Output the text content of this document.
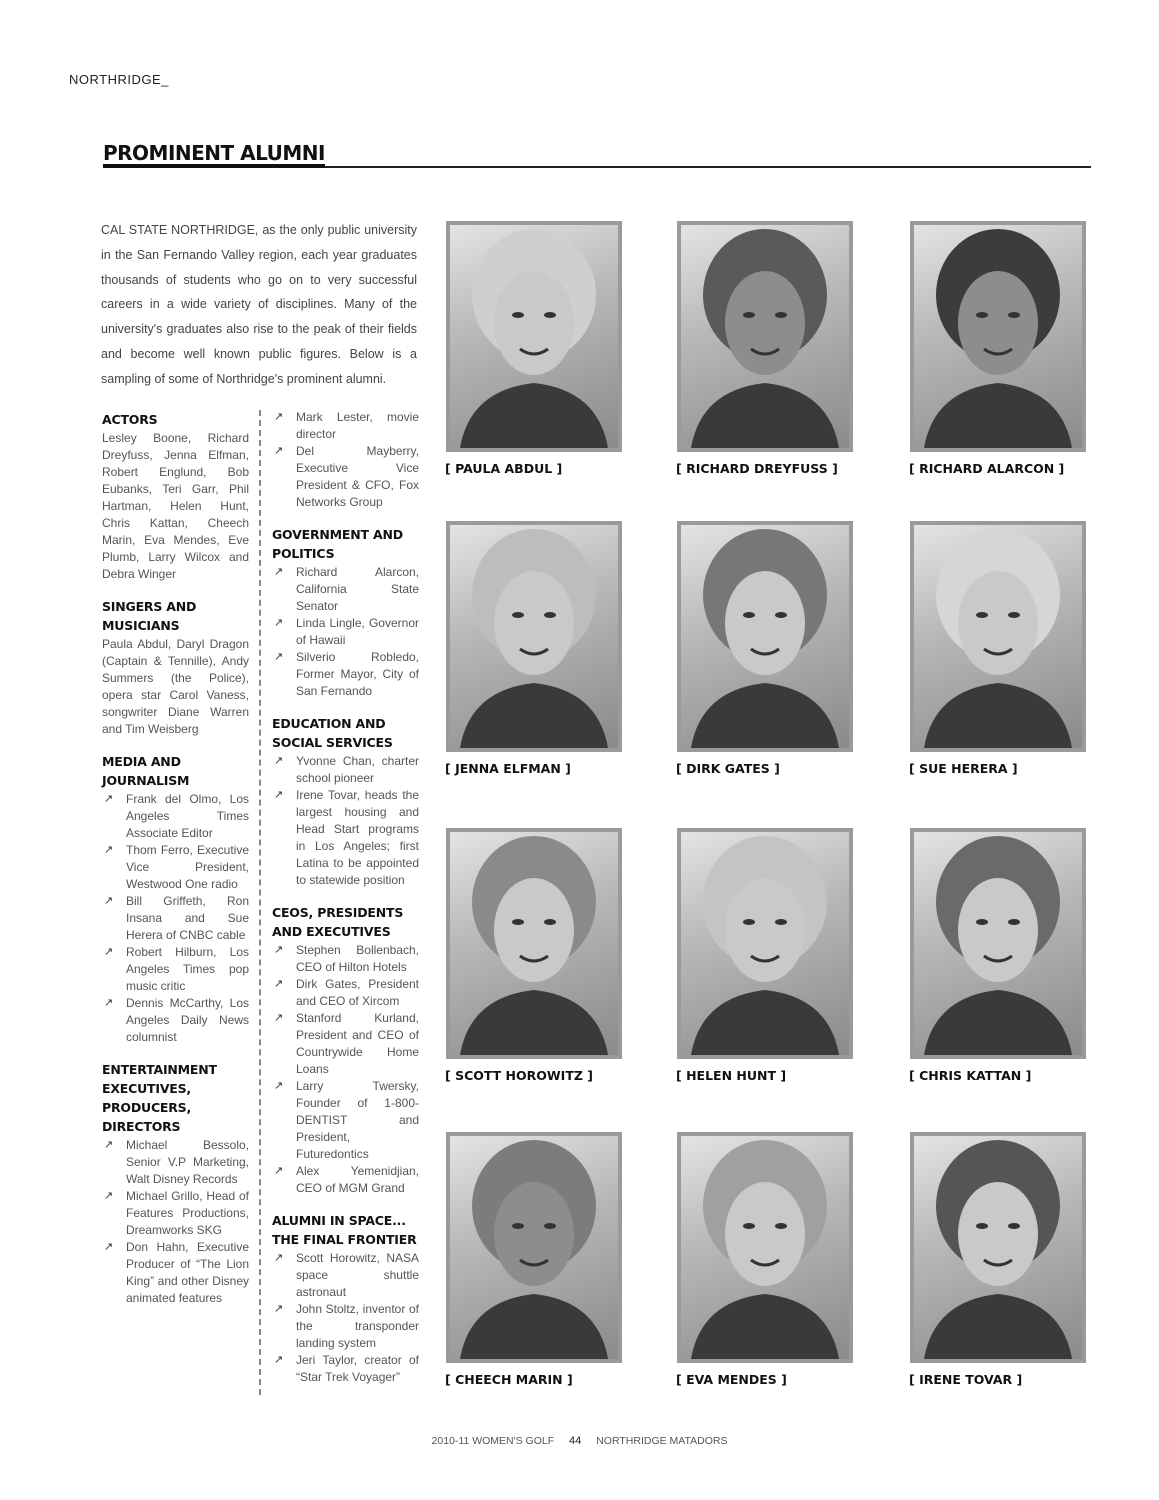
NORTHRIDGE_
PROMINENT ALUMNI
CAL STATE NORTHRIDGE, as the only public university in the San Fernando Valley region, each year graduates thousands of students who go on to very successful careers in a wide variety of disciplines. Many of the university's graduates also rise to the peak of their fields and become well known public figures. Below is a sampling of some of Northridge's prominent alumni.
ACTORS

Lesley Boone, Richard Dreyfuss, Jenna Elfman, Robert Englund, Bob Eubanks, Teri Garr, Phil Hartman, Helen Hunt, Chris Kattan, Cheech Marin, Eva Mendes, Eve Plumb, Larry Wilcox and Debra Winger

SINGERS AND MUSICIANS

Paula Abdul, Daryl Dragon (Captain & Tennille), Andy Summers (the Police), opera star Carol Vaness, songwriter Diane Warren and Tim Weisberg

MEDIA AND JOURNALISM
↗ Frank del Olmo, Los Angeles Times Associate Editor
↗ Thom Ferro, Executive Vice President, Westwood One radio
↗ Bill Griffeth, Ron Insana and Sue Herera of CNBC cable
↗ Robert Hilburn, Los Angeles Times pop music critic
↗ Dennis McCarthy, Los Angeles Daily News columnist
ENTERTAINMENT EXECUTIVES, PRODUCERS, DIRECTORS
↗ Michael Bessolo, Senior V.P Marketing, Walt Disney Records
↗ Michael Grillo, Head of Features Productions, Dreamworks SKG
↗ Don Hahn, Executive Producer of “The Lion King” and other Disney animated features
↗ Mark Lester, movie director
↗ Del Mayberry, Executive Vice President & CFO, Fox Networks Group
GOVERNMENT AND POLITICS
↗ Richard Alarcon, California State Senator
↗ Linda Lingle, Governor of Hawaii
↗ Silverio Robledo, Former Mayor, City of San Fernando
EDUCATION AND SOCIAL SERVICES
↗ Yvonne Chan, charter school pioneer
↗ Irene Tovar, heads the largest housing and Head Start programs in Los Angeles; first Latina to be appointed to statewide position
CEOS, PRESIDENTS AND EXECUTIVES
↗ Stephen Bollenbach, CEO of Hilton Hotels
↗ Dirk Gates, President and CEO of Xircom
↗ Stanford Kurland, President and CEO of Countrywide Home Loans
↗ Larry Twersky, Founder of 1-800-DENTIST and President, Futuredontics
↗ Alex Yemenidjian, CEO of MGM Grand
ALUMNI IN SPACE... THE FINAL FRONTIER
↗ Scott Horowitz, NASA space shuttle astronaut
↗ John Stoltz, inventor of the transponder landing system
↗ Jeri Taylor, creator of “Star Trek Voyager”
[ PAULA ABDUL ]	[ RICHARD DREYFUSS ]	[ RICHARD ALARCON ]
[ JENNA ELFMAN ]	[ DIRK GATES ]	[ SUE HERERA ]
[ SCOTT HOROWITZ ]	[ HELEN HUNT ]	[ CHRIS KATTAN ]
[ CHEECH MARIN ]	[ EVA MENDES ]	[ IRENE TOVAR ]
2010-11 WOMEN'S GOLF 44 NORTHRIDGE MATADORS
